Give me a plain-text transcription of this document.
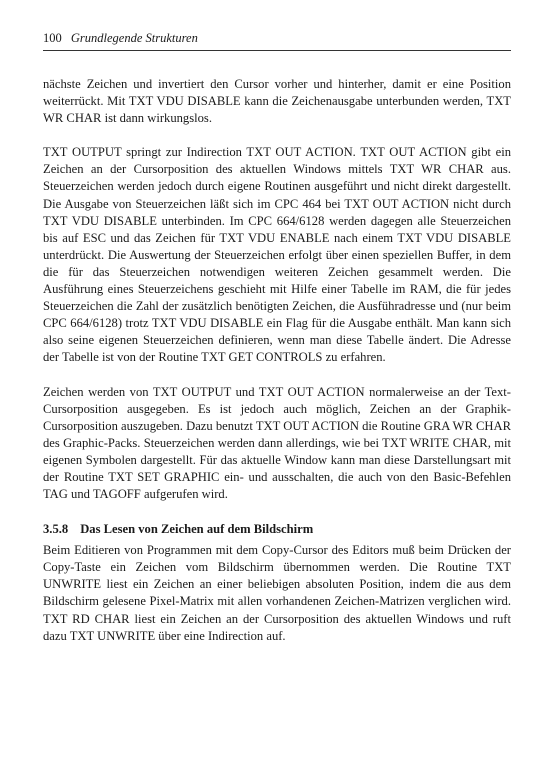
100 Grundlegende Strukturen

nächste Zeichen und invertiert den Cursor vorher und hinterher, damit er eine Position weiterrückt. Mit TXT VDU DISABLE kann die Zeichenausgabe unterbunden werden, TXT WR CHAR ist dann wirkungslos.

TXT OUTPUT springt zur Indirection TXT OUT ACTION. TXT OUT ACTION gibt ein Zeichen an der Cursorposition des aktuellen Windows mittels TXT WR CHAR aus. Steuerzeichen werden jedoch durch eigene Routinen ausgeführt und nicht direkt dargestellt. Die Ausgabe von Steuerzeichen läßt sich im CPC 464 bei TXT OUT ACTION nicht durch TXT VDU DISABLE unterbinden. Im CPC 664/6128 werden dagegen alle Steuerzeichen bis auf ESC und das Zeichen für TXT VDU ENABLE nach einem TXT VDU DISABLE unterdrückt. Die Auswertung der Steuerzeichen erfolgt über einen speziellen Buffer, in dem die für das Steuerzeichen notwendigen weiteren Zeichen gesammelt werden. Die Ausführung eines Steuerzeichens geschieht mit Hilfe einer Tabelle im RAM, die für jedes Steuerzeichen die Zahl der zusätzlich benötigten Zeichen, die Ausführadresse und (nur beim CPC 664/6128) trotz TXT VDU DISABLE ein Flag für die Ausgabe enthält. Man kann sich also seine eigenen Steuerzeichen definieren, wenn man diese Tabelle ändert. Die Adresse der Tabelle ist von der Routine TXT GET CONTROLS zu erfahren.

Zeichen werden von TXT OUTPUT und TXT OUT ACTION normalerweise an der Text-Cursorposition ausgegeben. Es ist jedoch auch möglich, Zeichen an der Graphik-Cursorposition auszugeben. Dazu benutzt TXT OUT ACTION die Routine GRA WR CHAR des Graphic-Packs. Steuerzeichen werden dann allerdings, wie bei TXT WRITE CHAR, mit eigenen Symbolen dargestellt. Für das aktuelle Window kann man diese Darstellungsart mit der Routine TXT SET GRAPHIC ein- und ausschalten, die auch von den Basic-Befehlen TAG und TAGOFF aufgerufen wird.

3.5.8 Das Lesen von Zeichen auf dem Bildschirm

Beim Editieren von Programmen mit dem Copy-Cursor des Editors muß beim Drücken der Copy-Taste ein Zeichen vom Bildschirm übernommen werden. Die Routine TXT UNWRITE liest ein Zeichen an einer beliebigen absoluten Position, indem die aus dem Bildschirm gelesene Pixel-Matrix mit allen vorhandenen Zeichen-Matrizen verglichen wird. TXT RD CHAR liest ein Zeichen an der Cursorposition des aktuellen Windows und ruft dazu TXT UNWRITE über eine Indirection auf.
